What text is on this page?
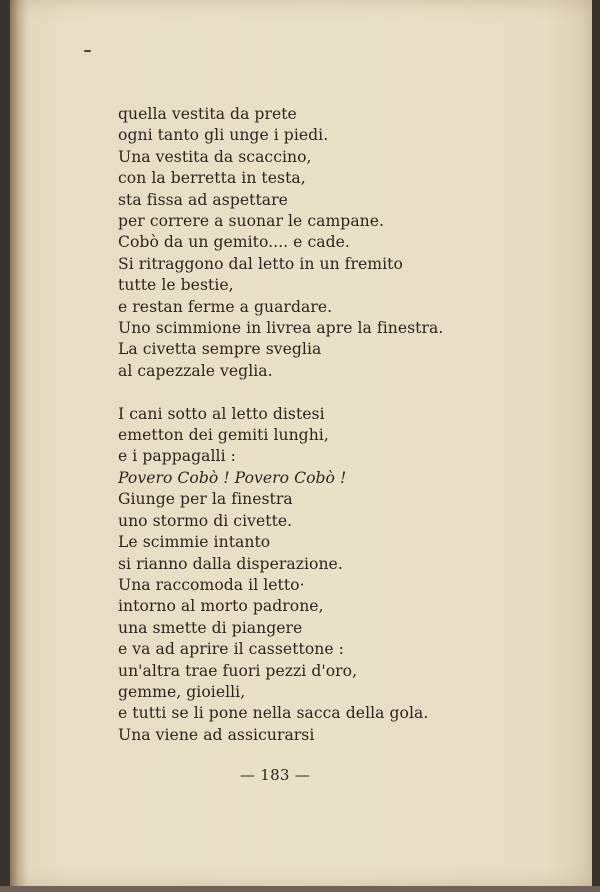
quella vestita da prete
ogni tanto gli unge i piedi.
Una vestita da scaccino,
con la berretta in testa,
sta fissa ad aspettare
per correre a suonar le campane.
Cobò da un gemito.... e cade.
Si ritraggono dal letto in un fremito
tutte le bestie,
e restan ferme a guardare.
Uno scimmione in livrea apre la finestra.
La civetta sempre sveglia
al capezzale veglia.
I cani sotto al letto distesi
emetton dei gemiti lunghi,
e i pappagalli :
Povero Cobò ! Povero Cobò !
Giunge per la finestra
uno stormo di civette.
Le scimmie intanto
si rianno dalla disperazione.
Una raccomoda il letto·
intorno al morto padrone,
una smette di piangere
e va ad aprire il cassettone :
un'altra trae fuori pezzi d'oro,
gemme, gioielli,
e tutti se li pone nella sacca della gola.
Una viene ad assicurarsi
— 183 —
